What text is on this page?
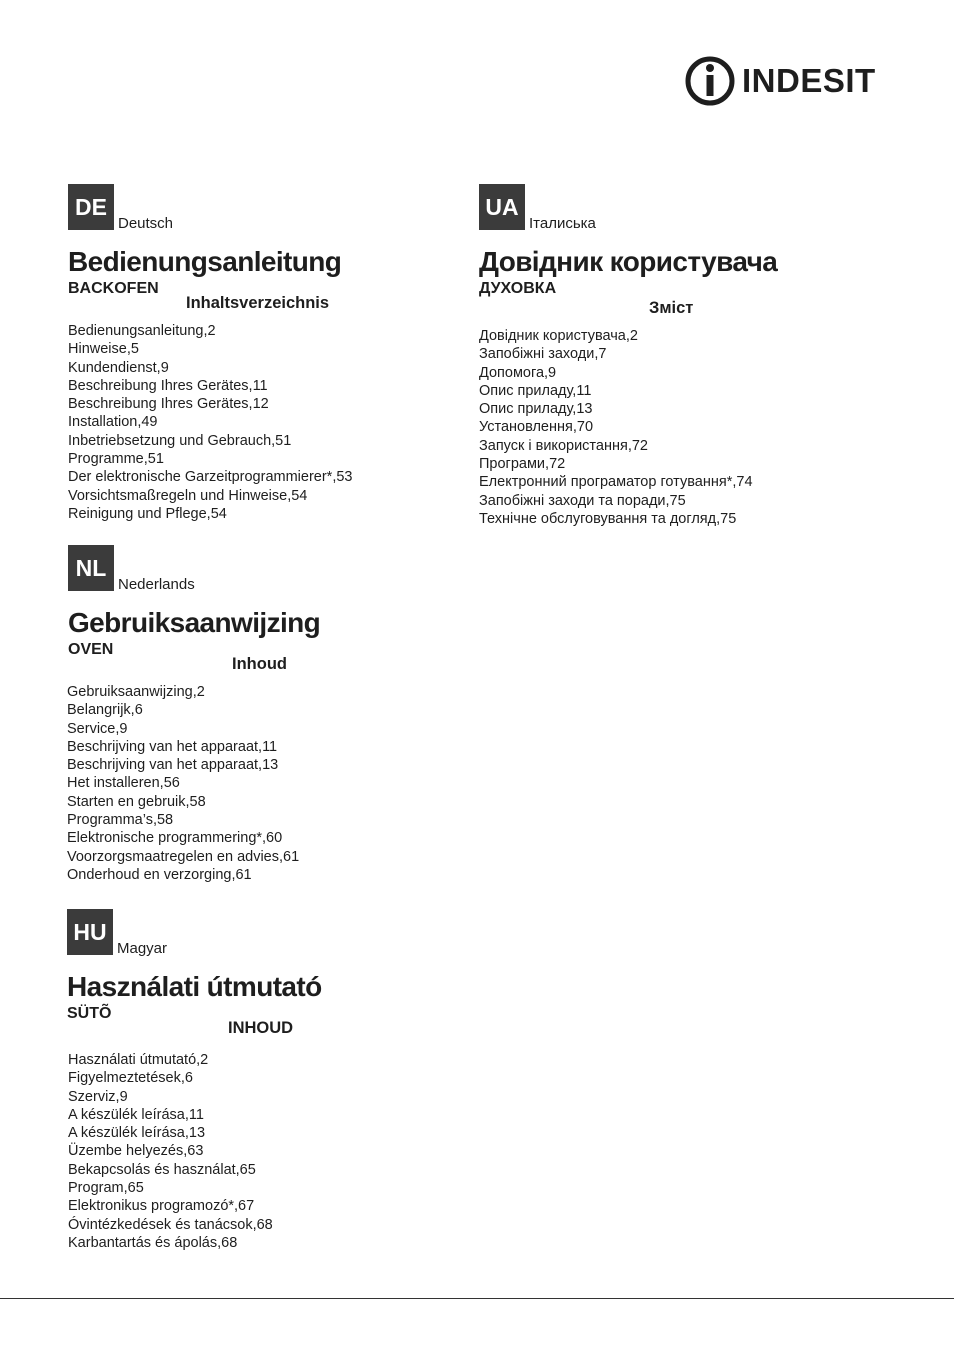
INDESIT
DE
Deutsch
Bedienungsanleitung
BACKOFEN
Inhaltsverzeichnis
Bedienungsanleitung,2
Hinweise,5
Kundendienst,9
Beschreibung Ihres Gerätes,11
Beschreibung Ihres Gerätes,12
Installation,49
Inbetriebsetzung und Gebrauch,51
Programme,51
Der elektronische Garzeitprogrammierer*,53
Vorsichtsmaßregeln und Hinweise,54
Reinigung und Pflege,54
NL
Nederlands
Gebruiksaanwijzing
OVEN
Inhoud
Gebruiksaanwijzing,2
Belangrijk,6
Service,9
Beschrijving van het apparaat,11
Beschrijving van het apparaat,13
Het installeren,56
Starten en gebruik,58
Programma’s,58
Elektronische programmering*,60
Voorzorgsmaatregelen en advies,61
Onderhoud en verzorging,61
HU
Magyar
Használati útmutató
SÜTÕ
INHOUD
Használati útmutató,2
Figyelmeztetések,6
Szerviz,9
A készülék leírása,11
A készülék leírása,13
Üzembe helyezés,63
Bekapcsolás és használat,65
Program,65
Elektronikus programozó*,67
Óvintézkedések és tanácsok,68
Karbantartás és ápolás,68
UA
Італиська
Довідник користувача
ДУХОВКА
Зміст
Довідник користувача,2
Запобіжні заходи,7
Допомога,9
Опис приладу,11
Опис приладу,13
Установлення,70
Запуск і використання,72
Програми,72
Електронний програматор готування*,74
Запобіжні заходи та поради,75
Технічне обслуговування та догляд,75
